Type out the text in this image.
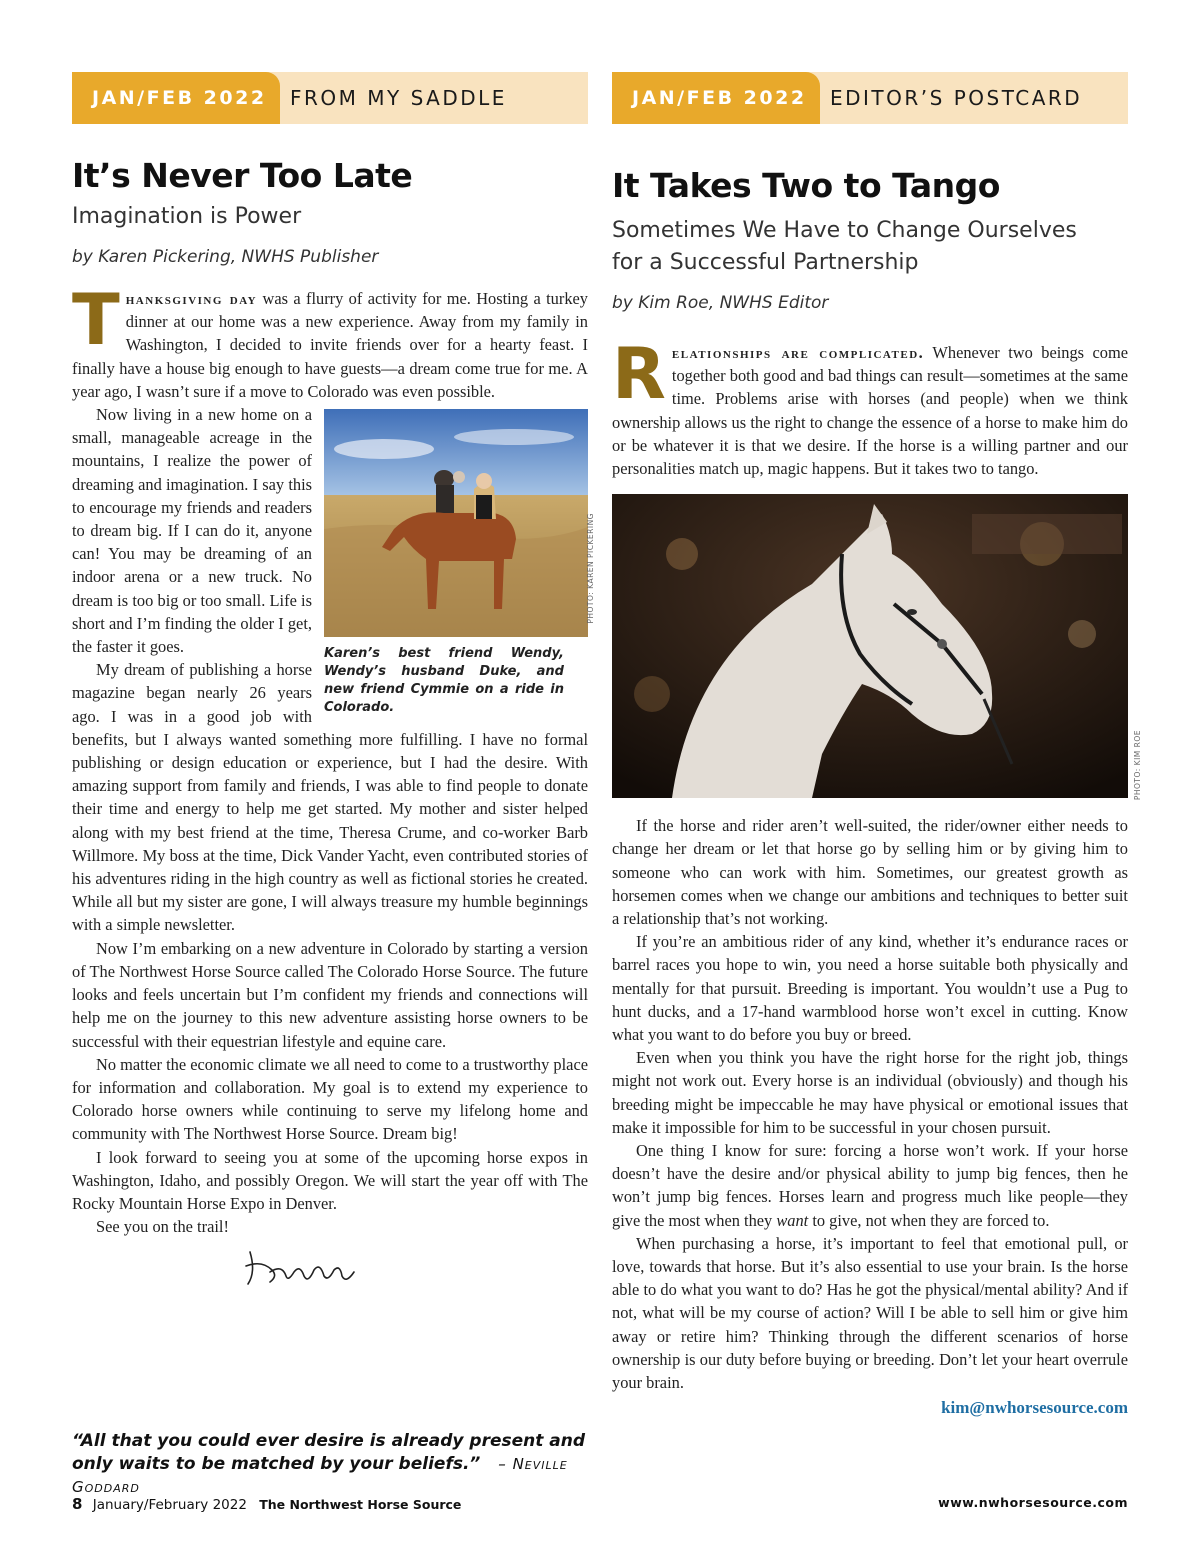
JAN/FEB 2022	FROM MY SADDLE
It’s Never Too Late

Imagination is Power

by Karen Pickering, NWHS Publisher

Thanksgiving day was a flurry of activity for me. Hosting a turkey dinner at our home was a new experience. Away from my family in Washington, I decided to invite friends over for a hearty feast. I finally have a house big enough to have guests—a dream come true for me. A year ago, I wasn’t sure if a move to Colorado was even possible.

PHOTO: KAREN PICKERING
Karen’s best friend Wendy, Wendy’s husband Duke, and new friend Cymmie on a ride in Colorado.

Now living in a new home on a small, manageable acreage in the mountains, I realize the power of dreaming and imagination. I say this to encourage my friends and readers to dream big. If I can do it, anyone can! You may be dreaming of an indoor arena or a new truck. No dream is too big or too small. Life is short and I’m finding the older I get, the faster it goes.

My dream of publishing a horse magazine began nearly 26 years ago. I was in a good job with benefits, but I always wanted something more fulfilling. I have no formal publishing or design education or experience, but I had the desire. With amazing support from family and friends, I was able to find people to donate their time and energy to help me get started. My mother and sister helped along with my best friend at the time, Theresa Crume, and co-worker Barb Willmore. My boss at the time, Dick Vander Yacht, even contributed stories of his adventures riding in the high country as well as fictional stories he created. While all but my sister are gone, I will always treasure my humble beginnings with a simple newsletter.

Now I’m embarking on a new adventure in Colorado by starting a version of The Northwest Horse Source called The Colorado Horse Source. The future looks and feels uncertain but I’m confident my friends and connections will help me on the journey to this new adventure assisting horse owners to be successful with their equestrian lifestyle and equine care.

No matter the economic climate we all need to come to a trustworthy place for information and collaboration. My goal is to extend my experience to Colorado horse owners while continuing to serve my lifelong home and community with The Northwest Horse Source. Dream big!

I look forward to seeing you at some of the upcoming horse expos in Washington, Idaho, and possibly Oregon. We will start the year off with The Rocky Mountain Horse Expo in Denver.

See you on the trail!

“All that you could ever desire is already present and only waits to be matched by your beliefs.” – Neville Goddard
JAN/FEB 2022	EDITOR’S POSTCARD
It Takes Two to Tango

Sometimes We Have to Change Ourselves

for a Successful Partnership

by Kim Roe, NWHS Editor

Relationships are complicated. Whenever two beings come together both good and bad things can result—sometimes at the same time. Problems arise with horses (and people) when we think ownership allows us the right to change the essence of a horse to make him do or be whatever it is that we desire. If the horse is a willing partner and our personalities match up, magic happens. But it takes two to tango.

PHOTO: KIM ROE

If the horse and rider aren’t well-suited, the rider/owner either needs to change her dream or let that horse go by selling him or by giving him to someone who can work with him. Sometimes, our greatest growth as horsemen comes when we change our ambitions and techniques to better suit a relationship that’s not working.

If you’re an ambitious rider of any kind, whether it’s endurance races or barrel races you hope to win, you need a horse suitable both physically and mentally for that pursuit. Breeding is important. You wouldn’t use a Pug to hunt ducks, and a 17-hand warmblood horse won’t excel in cutting. Know what you want to do before you buy or breed.

Even when you think you have the right horse for the right job, things might not work out. Every horse is an individual (obviously) and though his breeding might be impeccable he may have physical or emotional issues that make it impossible for him to be successful in your chosen pursuit.

One thing I know for sure: forcing a horse won’t work. If your horse doesn’t have the desire and/or physical ability to jump big fences, then he won’t jump big fences. Horses learn and progress much like people—they give the most when they want to give, not when they are forced to.

When purchasing a horse, it’s important to feel that emotional pull, or love, towards that horse. But it’s also essential to use your brain. Is the horse able to do what you want to do? Has he got the physical/mental ability? And if not, what will be my course of action? Will I be able to sell him or give him away or retire him? Thinking through the different scenarios of horse ownership is our duty before buying or breeding. Don’t let your heart overrule your brain.

kim@nwhorsesource.com
8 January/February 2022 The Northwest Horse Source	www.nwhorsesource.com
